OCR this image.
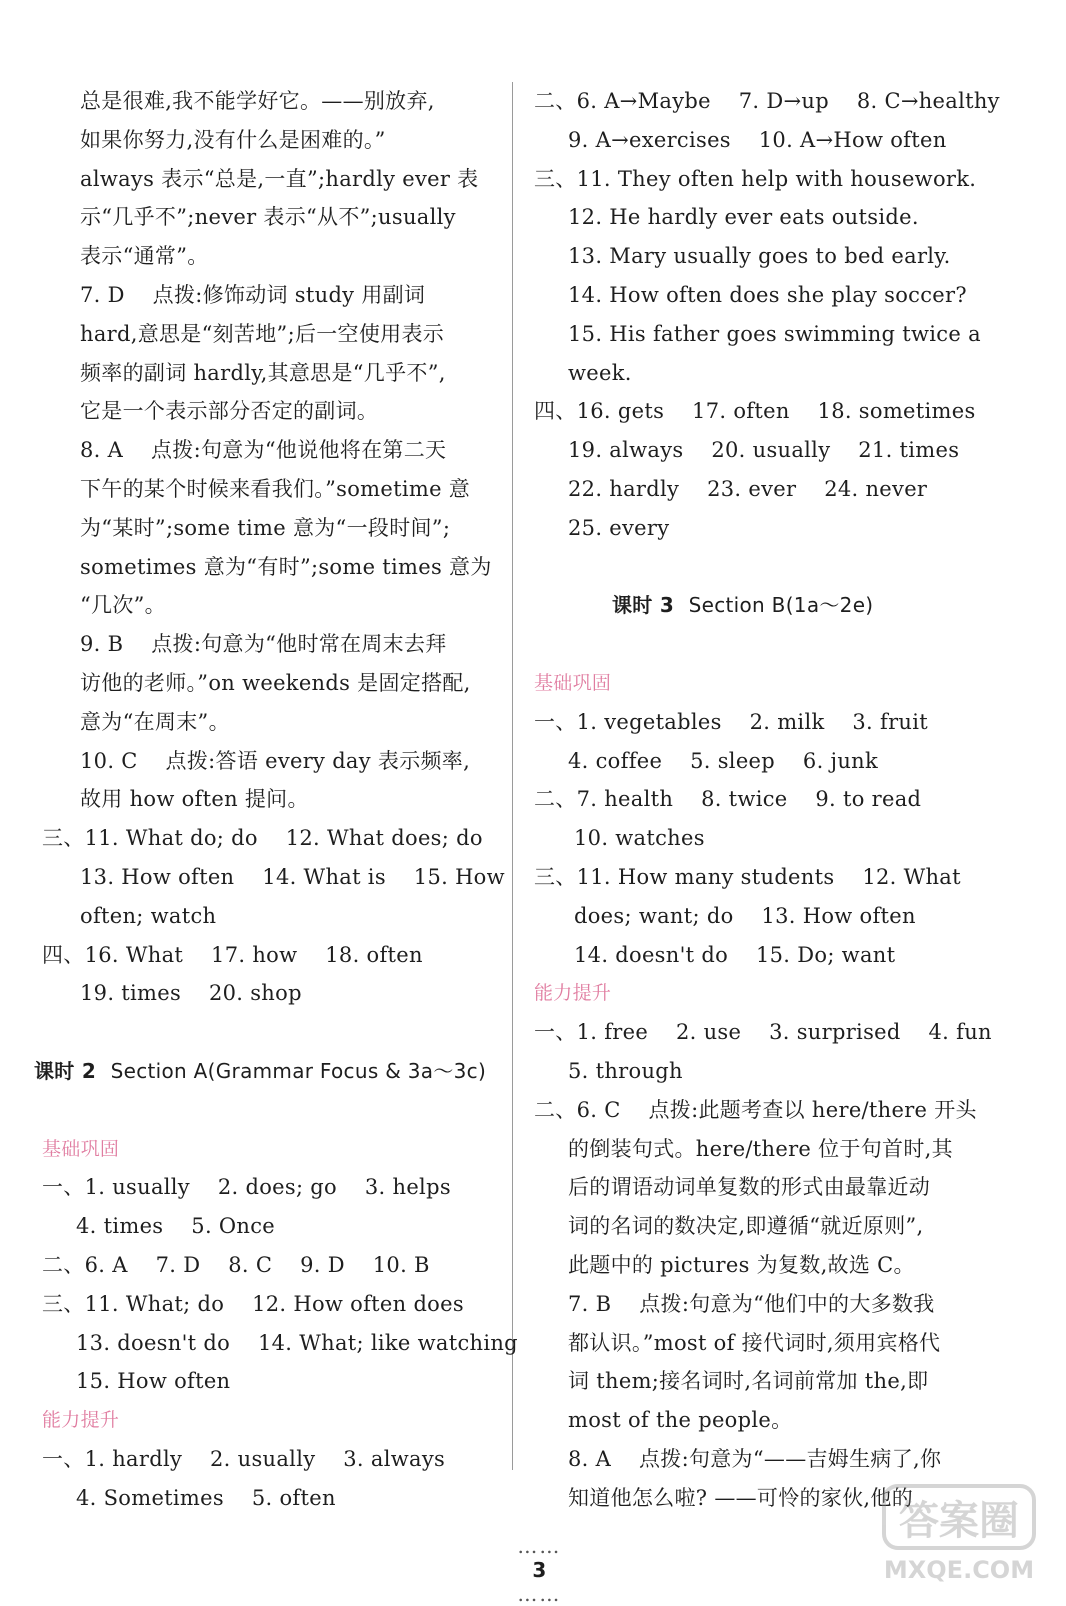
总是很难,我不能学好它。——别放弃,
如果你努力,没有什么是困难的。”
always 表示“总是,一直”;hardly ever 表
示“几乎不”;never 表示“从不”;usually
表示“通常”。
7. D    点拨:修饰动词 study 用副词
hard,意思是“刻苦地”;后一空使用表示
频率的副词 hardly,其意思是“几乎不”,
它是一个表示部分否定的副词。
8. A    点拨:句意为“他说他将在第二天
下午的某个时候来看我们。”sometime 意
为“某时”;some time 意为“一段时间”;
sometimes 意为“有时”;some times 意为
“几次”。
9. B    点拨:句意为“他时常在周末去拜
访他的老师。”on weekends 是固定搭配,
意为“在周末”。
10. C    点拨:答语 every day 表示频率,
故用 how often 提问。
三、11. What do; do    12. What does; do
13. How often    14. What is    15. How
often; watch
四、16. What    17. how    18. often
19. times    20. shop
课时 2  Section A(Grammar Focus & 3a～3c)
基础巩固
一、1. usually    2. does; go    3. helps
4. times    5. Once
二、6. A    7. D    8. C    9. D    10. B
三、11. What; do    12. How often does
13. doesn't do    14. What; like watching
15. How often
能力提升
一、1. hardly    2. usually    3. always
4. Sometimes    5. often
二、6. A→Maybe    7. D→up    8. C→healthy
9. A→exercises    10. A→How often
三、11. They often help with housework.
12. He hardly ever eats outside.
13. Mary usually goes to bed early.
14. How often does she play soccer?
15. His father goes swimming twice a
week.
四、16. gets    17. often    18. sometimes
19. always    20. usually    21. times
22. hardly    23. ever    24. never
25. every
课时 3  Section B(1a～2e)
基础巩固
一、1. vegetables    2. milk    3. fruit
4. coffee    5. sleep    6. junk
二、7. health    8. twice    9. to read
10. watches
三、11. How many students    12. What
does; want; do    13. How often
14. doesn't do    15. Do; want
能力提升
一、1. free    2. use    3. surprised    4. fun
5. through
二、6. C    点拨:此题考查以 here/there 开头
的倒装句式。here/there 位于句首时,其
后的谓语动词单复数的形式由最靠近动
词的名词的数决定,即遵循“就近原则”,
此题中的 pictures 为复数,故选 C。
7. B    点拨:句意为“他们中的大多数我
都认识。”most of 接代词时,须用宾格代
词 them;接名词时,名词前常加 the,即
most of the people。
8. A    点拨:句意为“——吉姆生病了,你
知道他怎么啦? ——可怜的家伙,他的

……
3
……

答案圈
MXQE.COM
